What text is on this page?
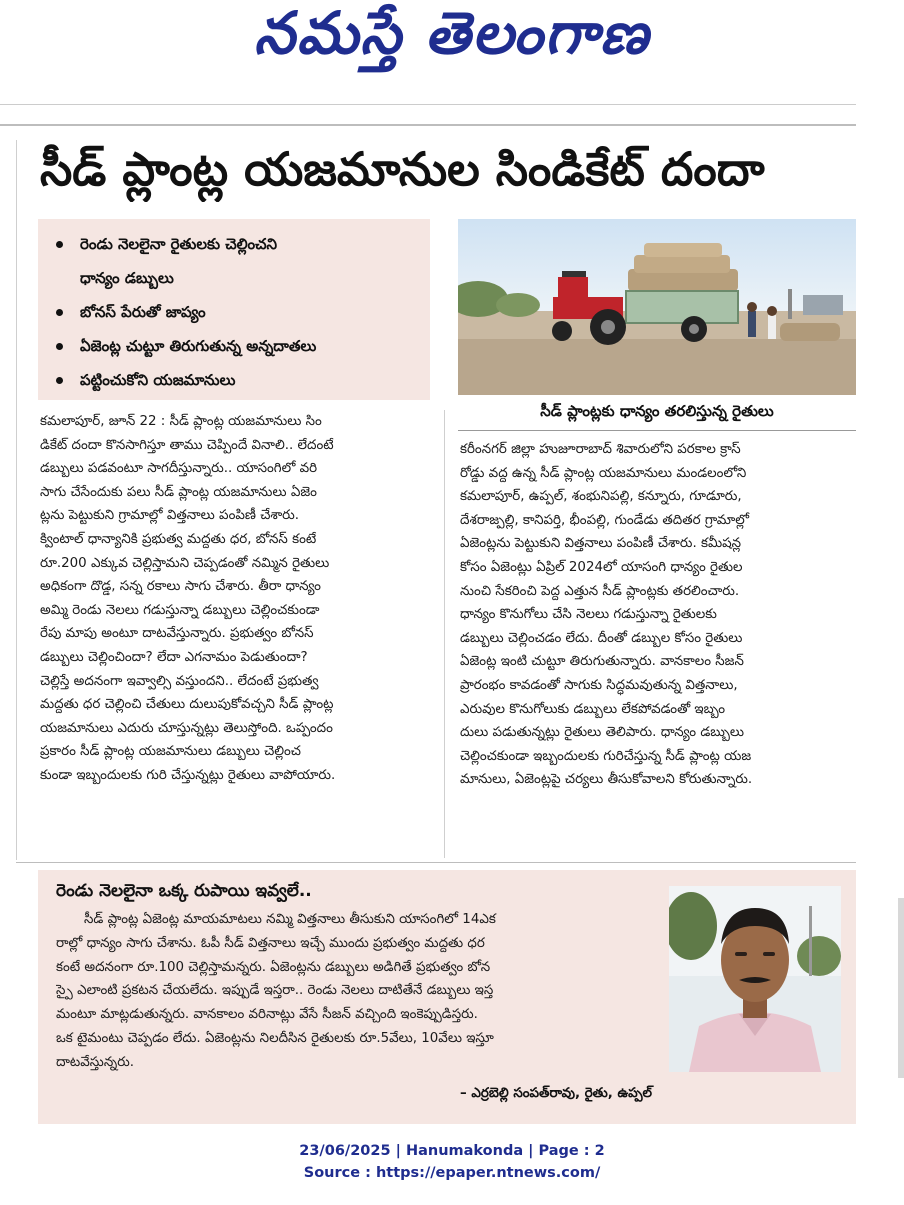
నమస్తే తెలంగాణ
సీడ్ ప్లాంట్ల యజమానుల సిండికేట్ దందా
రెండు నెలలైనా రైతులకు చెల్లించని
ధాన్యం డబ్బులు
బోనస్ పేరుతో జాప్యం
ఏజెంట్ల చుట్టూ తిరుగుతున్న అన్నదాతలు
పట్టించుకోని యజమానులు
సీడ్ ప్లాంట్లకు ధాన్యం తరలిస్తున్న రైతులు

కమలాపూర్, జూన్ 22 : సీడ్ ప్లాంట్ల యజమానులు సిం

డికేట్ దందా కొనసాగిస్తూ తాము చెప్పిందే వినాలి.. లేదంటే

డబ్బులు పడవంటూ సాగదీస్తున్నారు.. యాసంగిలో వరి

సాగు చేసేందుకు పలు సీడ్ ప్లాంట్ల యజమానులు ఏజెం

ట్లను పెట్టుకుని గ్రామాల్లో విత్తనాలు పంపిణీ చేశారు.

క్వింటాల్ ధాన్యానికి ప్రభుత్వ మద్దతు ధర, బోనస్ కంటే

రూ.200 ఎక్కువ చెల్లిస్తామని చెప్పడంతో నమ్మిన రైతులు

అధికంగా దొడ్డ, సన్న రకాలు సాగు చేశారు. తీరా ధాన్యం

అమ్మి రెండు నెలలు గడుస్తున్నా డబ్బులు చెల్లించకుండా

రేపు మాపు అంటూ దాటవేస్తున్నారు. ప్రభుత్వం బోనస్

డబ్బులు చెల్లించిందా? లేదా ఎగనామం పెడుతుందా?

చెల్లిస్తే అదనంగా ఇవ్వాల్సి వస్తుందని.. లేదంటే ప్రభుత్వ

మద్దతు ధర చెల్లించి చేతులు దులుపుకోవచ్చని సీడ్ ప్లాంట్ల

యజమానులు ఎదురు చూస్తున్నట్లు తెలుస్తోంది. ఒప్పందం

ప్రకారం సీడ్ ప్లాంట్ల యజమానులు డబ్బులు చెల్లించ

కుండా ఇబ్బందులకు గురి చేస్తున్నట్లు రైతులు వాపోయారు.

కరీంనగర్ జిల్లా హుజూరాబాద్ శివారులోని పరకాల క్రాస్

రోడ్డు వద్ద ఉన్న సీడ్ ప్లాంట్ల యజమానులు మండలంలోని

కమలాపూర్, ఉప్పల్, శంభునిపల్లి, కన్నూరు, గూడూరు,

దేశరాజ్పల్లి, కానిపర్తి, భీంపల్లి, గుండేడు తదితర గ్రామాల్లో

ఏజెంట్లను పెట్టుకుని విత్తనాలు పంపిణీ చేశారు. కమీషన్ల

కోసం ఏజెంట్లు ఏప్రిల్ 2024లో యాసంగి ధాన్యం రైతుల

నుంచి సేకరించి పెద్ద ఎత్తున సీడ్ ప్లాంట్లకు తరలించారు.

ధాన్యం కొనుగోలు చేసి నెలలు గడుస్తున్నా రైతులకు

డబ్బులు చెల్లించడం లేదు. దీంతో డబ్బుల కోసం రైతులు

ఏజెంట్ల ఇంటి చుట్టూ తిరుగుతున్నారు. వానకాలం సీజన్

ప్రారంభం కావడంతో సాగుకు సిద్ధమవుతున్న విత్తనాలు,

ఎరువుల కొనుగోలుకు డబ్బులు లేకపోవడంతో ఇబ్బం

దులు పడుతున్నట్లు రైతులు తెలిపారు. ధాన్యం డబ్బులు

చెల్లించకుండా ఇబ్బందులకు గురిచేస్తున్న సీడ్ ప్లాంట్ల యజ

మానులు, ఏజెంట్లపై చర్యలు తీసుకోవాలని కోరుతున్నారు.

రెండు నెలలైనా ఒక్క రుపాయి ఇవ్వలే..

సీడ్ ప్లాంట్ల ఏజెంట్ల మాయమాటలు నమ్మి విత్తనాలు తీసుకుని యాసంగిలో 14ఎక

రాల్లో ధాన్యం సాగు చేశాను. ఓపీ సీడ్ విత్తనాలు ఇచ్చే ముందు ప్రభుత్వం మద్దతు ధర

కంటే అదనంగా రూ.100 చెల్లిస్తామన్నరు. ఏజెంట్లను డబ్బులు అడిగితే ప్రభుత్వం బోన

స్పై ఎలాంటి ప్రకటన చేయలేదు. ఇప్పుడే ఇస్తరా.. రెండు నెలలు దాటితేనే డబ్బులు ఇస్త

మంటూ మాట్లడుతున్నరు. వానకాలం వరినాట్లు వేసే సీజన్ వచ్చింది ఇంకెప్పుడిస్తరు.

ఒక టైమంటు చెప్పడం లేదు. ఏజెంట్లను నిలదీసిన రైతులకు రూ.5వేలు, 10వేలు ఇస్తూ

దాటవేస్తున్నరు.

– ఎర్రబెల్లి సంపత్‌రావు, రైతు, ఉప్పల్
23/06/2025 | Hanumakonda | Page : 2
Source : https://epaper.ntnews.com/
